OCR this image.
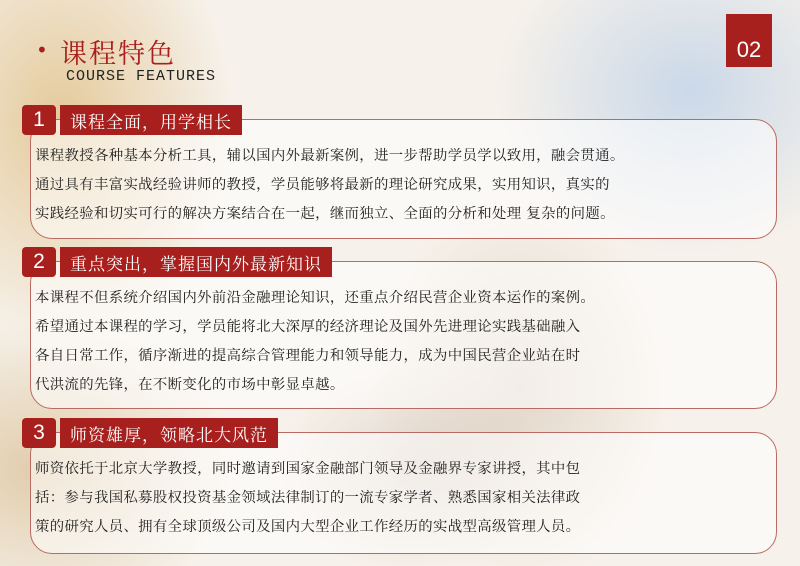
• 课程特色
COURSE FEATURES
02
1	课程全面，用学相长

课程教授各种基本分析工具，辅以国内外最新案例，进一步帮助学员学以致用，融会贯通。

通过具有丰富实战经验讲师的教授，学员能够将最新的理论研究成果，实用知识，真实的

实践经验和切实可行的解决方案结合在一起，继而独立、全面的分析和处理 复杂的问题。

2	重点突出，掌握国内外最新知识

本课程不但系统介绍国内外前沿金融理论知识，还重点介绍民营企业资本运作的案例。

希望通过本课程的学习，学员能将北大深厚的经济理论及国外先进理论实践基础融入

各自日常工作，循序渐进的提高综合管理能力和领导能力，成为中国民营企业站在时

代洪流的先锋，在不断变化的市场中彰显卓越。

3	师资雄厚，领略北大风范

师资依托于北京大学教授，同时邀请到国家金融部门领导及金融界专家讲授，其中包

括：参与我国私募股权投资基金领域法律制订的一流专家学者、熟悉国家相关法律政

策的研究人员、拥有全球顶级公司及国内大型企业工作经历的实战型高级管理人员。
